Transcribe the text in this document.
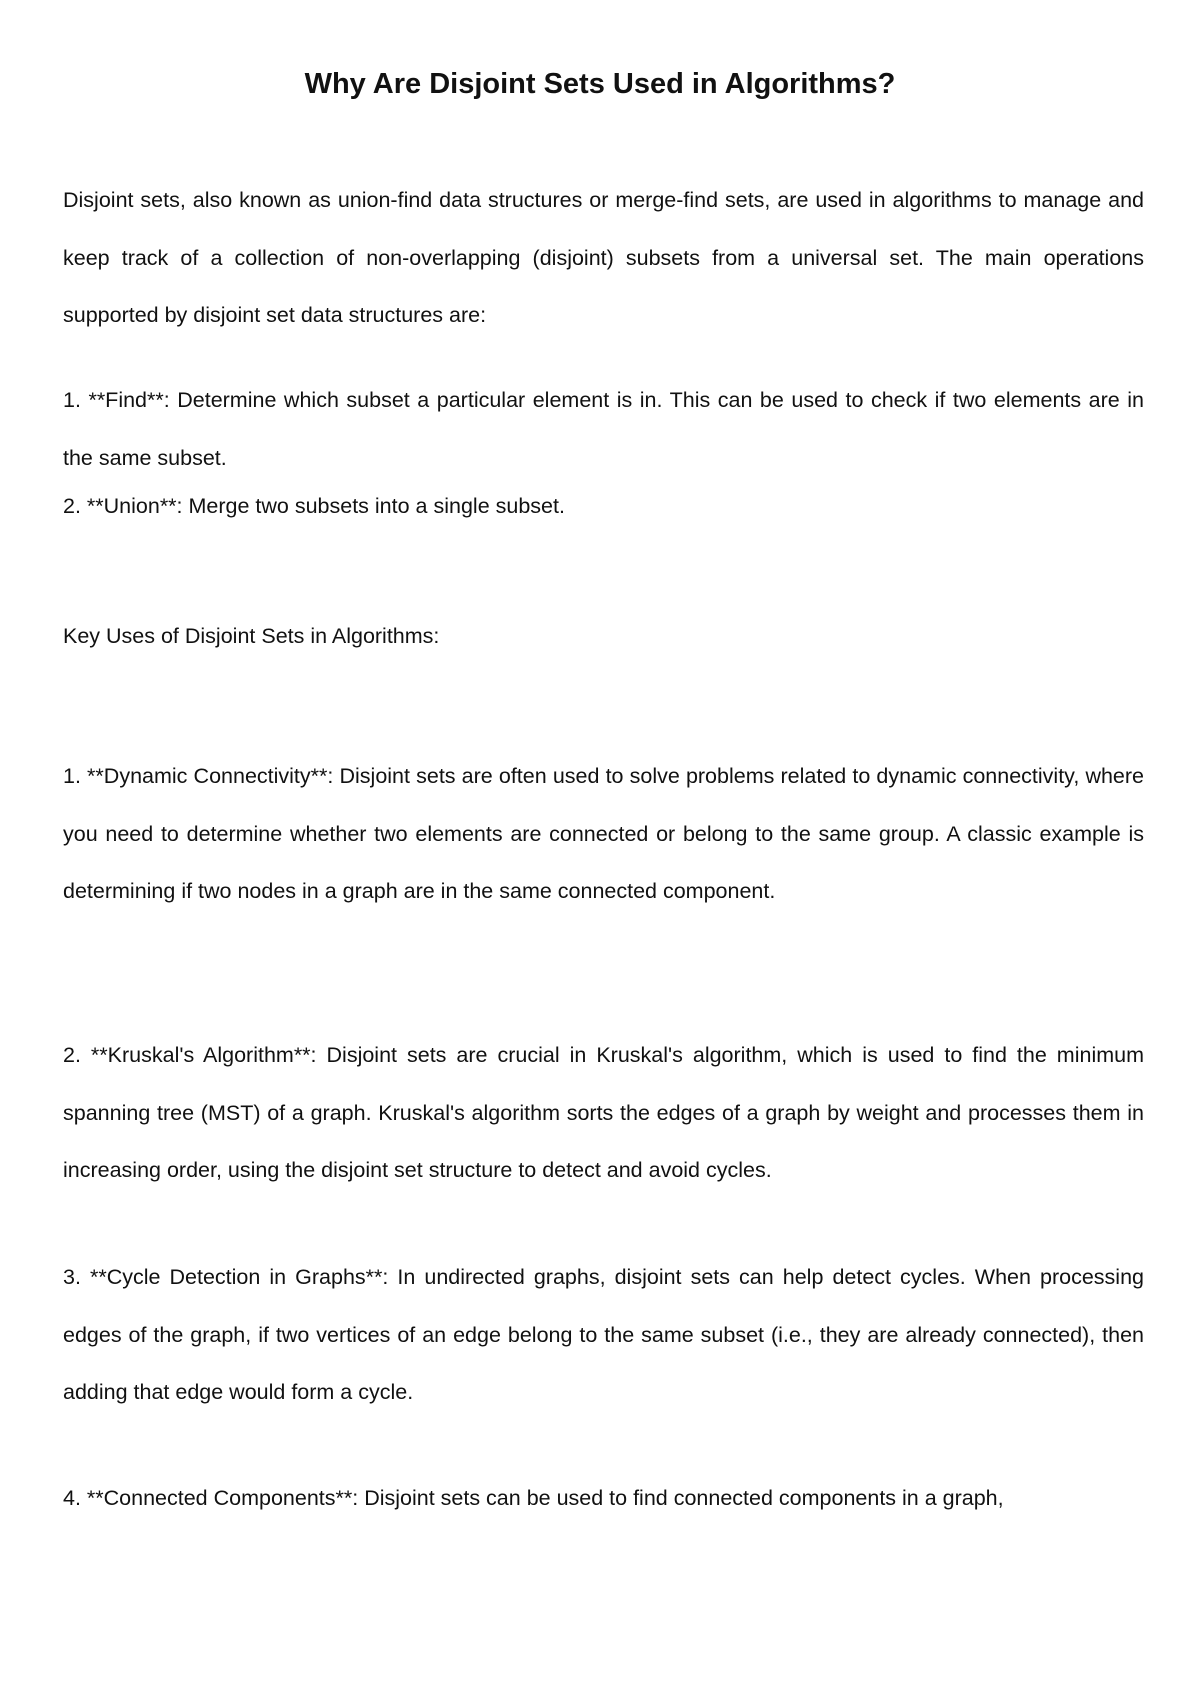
Why Are Disjoint Sets Used in Algorithms?

Disjoint sets, also known as union-find data structures or merge-find sets, are used in algorithms to manage and keep track of a collection of non-overlapping (disjoint) subsets from a universal set. The main operations supported by disjoint set data structures are:

1. **Find**: Determine which subset a particular element is in. This can be used to check if two elements are in the same subset.

2. **Union**: Merge two subsets into a single subset.

Key Uses of Disjoint Sets in Algorithms:

1. **Dynamic Connectivity**: Disjoint sets are often used to solve problems related to dynamic connectivity, where you need to determine whether two elements are connected or belong to the same group. A classic example is determining if two nodes in a graph are in the same connected component.

2. **Kruskal's Algorithm**: Disjoint sets are crucial in Kruskal's algorithm, which is used to find the minimum spanning tree (MST) of a graph. Kruskal's algorithm sorts the edges of a graph by weight and processes them in increasing order, using the disjoint set structure to detect and avoid cycles.

3. **Cycle Detection in Graphs**: In undirected graphs, disjoint sets can help detect cycles. When processing edges of the graph, if two vertices of an edge belong to the same subset (i.e., they are already connected), then adding that edge would form a cycle.

4. **Connected Components**: Disjoint sets can be used to find connected components in a graph,
